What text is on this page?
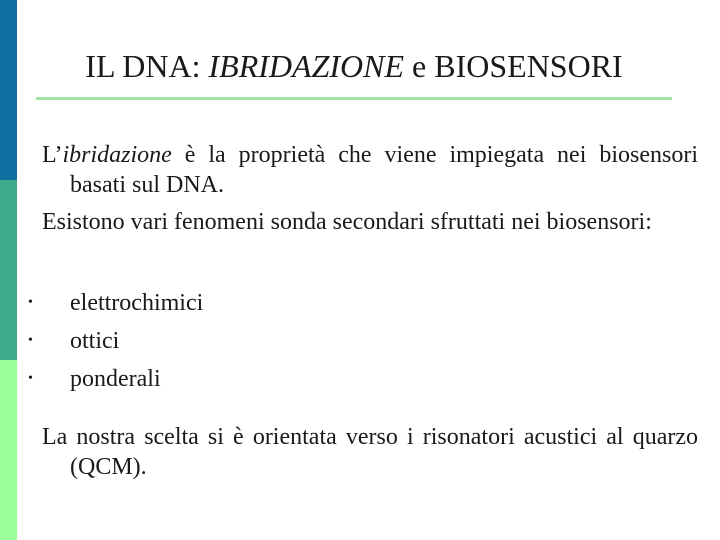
IL DNA: IBRIDAZIONE e BIOSENSORI
L’ibridazione è la proprietà che viene impiegata nei biosensori basati sul DNA.
Esistono vari fenomeni sonda secondari sfruttati nei biosensori:
• elettrochimici
• ottici
• ponderali
La nostra scelta si è orientata verso i risonatori acustici al quarzo (QCM).
